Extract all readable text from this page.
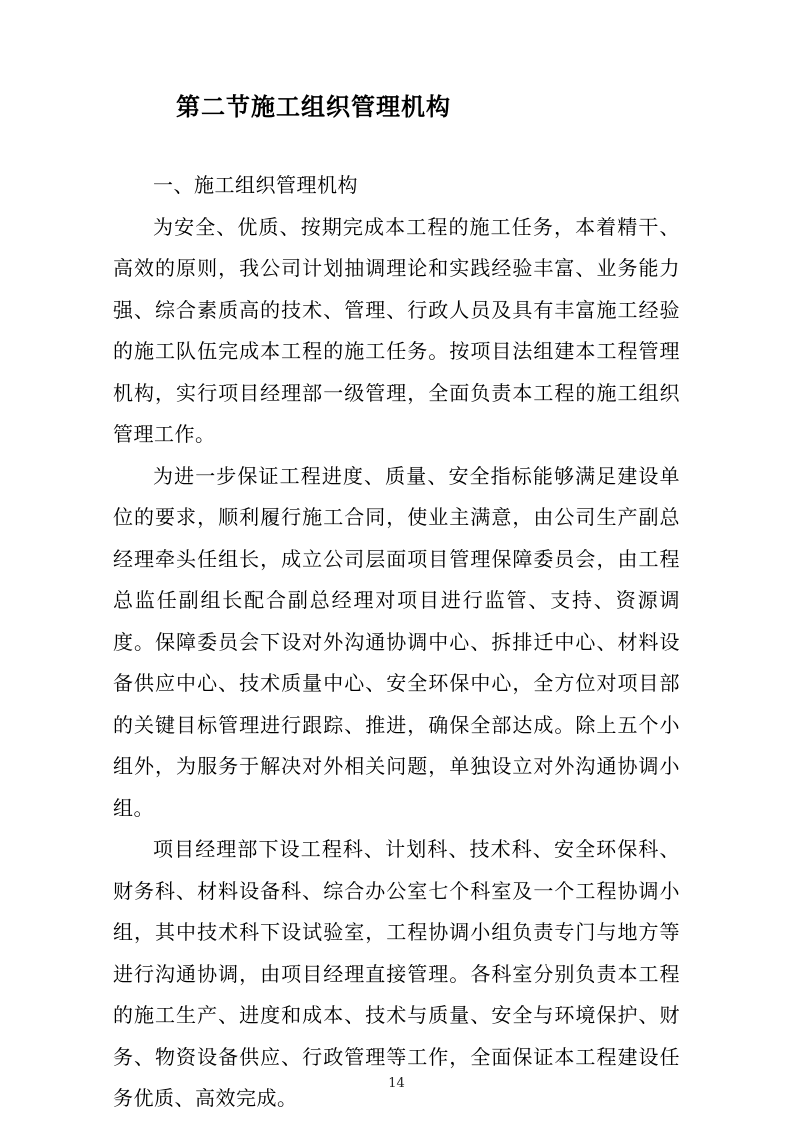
第二节施工组织管理机构
一、施工组织管理机构

为安全、优质、按期完成本工程的施工任务，本着精干、高效的原则，我公司计划抽调理论和实践经验丰富、业务能力强、综合素质高的技术、管理、行政人员及具有丰富施工经验的施工队伍完成本工程的施工任务。按项目法组建本工程管理机构，实行项目经理部一级管理，全面负责本工程的施工组织管理工作。

为进一步保证工程进度、质量、安全指标能够满足建设单位的要求，顺利履行施工合同，使业主满意，由公司生产副总经理牵头任组长，成立公司层面项目管理保障委员会，由工程总监任副组长配合副总经理对项目进行监管、支持、资源调度。保障委员会下设对外沟通协调中心、拆排迁中心、材料设备供应中心、技术质量中心、安全环保中心，全方位对项目部的关键目标管理进行跟踪、推进，确保全部达成。除上五个小组外，为服务于解决对外相关问题，单独设立对外沟通协调小组。

项目经理部下设工程科、计划科、技术科、安全环保科、财务科、材料设备科、综合办公室七个科室及一个工程协调小组，其中技术科下设试验室，工程协调小组负责专门与地方等进行沟通协调，由项目经理直接管理。各科室分别负责本工程的施工生产、进度和成本、技术与质量、安全与环境保护、财务、物资设备供应、行政管理等工作，全面保证本工程建设任务优质、高效完成。

14
